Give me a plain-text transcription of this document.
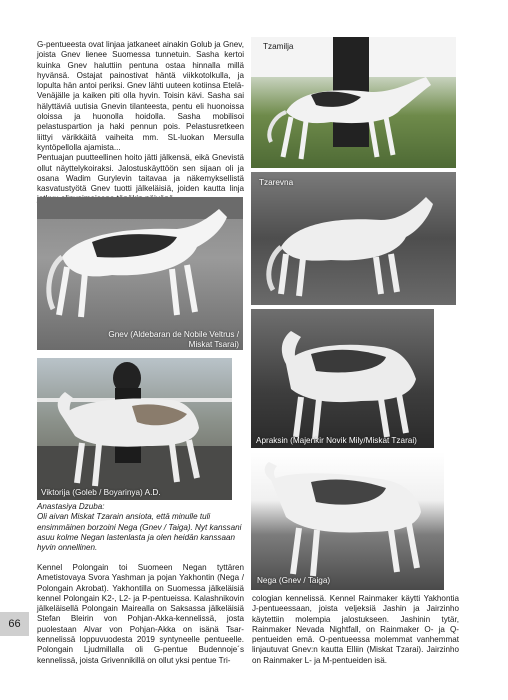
G-pentueesta ovat linjaa jatkaneet ainakin Golub ja Gnev, joista Gnev lienee Suomessa tunnetuin. Sasha kertoi kuinka Gnev haluttiin pentuna ostaa hinnalla millä hyvänsä. Ostajat painostivat häntä viikkotolkulla, ja lopulta hän antoi periksi. Gnev lähti uuteen kotiinsa Etelä-Venäjälle ja kaiken piti olla hyvin. Toisin kävi. Sasha sai hälyttäviä uutisia Gnevin tilanteesta, pentu eli huonoissa oloissa ja huonolla hoidolla. Sasha mobilisoi pelastuspartion ja haki pennun pois. Pelastusretkeen liittyi värikkäitä vaiheita mm. SL-luokan Mersulla kyntöpellolla ajamista...

Pentuajan puutteellinen hoito jätti jälkensä, eikä Gnevistä ollut näyttelykoiraksi. Jalostuskäyttöön sen sijaan oli ja osana Wadim Gurylevin taitavaa ja näkemyksellistä kasvatustyötä Gnev tuotti jälkeläisiä, joiden kautta linja

Tzamilja
Tzarevna
Gnev (Aldebaran de Nobile Veltrus / Miskat Tsarai)
Apraksin (Majenkir Novik Mily/Miskat Tzarai)
Viktorija (Goleb / Boyarinya) A.D.
Nega (Gnev / Taiga)

Anastasiya Dzuba:

Oli aivan Miskat Tzarain ansiota, että minulle tuli ensimmäinen borzoini Nega (Gnev / Taiga). Nyt kanssani asuu kolme Negan lastenlasta ja olen heidän kanssaan hyvin onnellinen.

Kennel Polongain toi Suomeen Negan tyttären Ametistovaya Svora Yashman ja pojan Yakhontin (Nega / Polongain Akrobat). Yakhontilla on Suomessa jälkeläisiä kennel Polongain K2-, L2- ja P-pentueissa. Kalashnikovin jälkeläisellä Polongain Mairealla on Saksassa jälkeläisiä Stefan Bleirin von Pohjan-Akka-kennelissä, josta puolestaan Alvar von Pohjan-Akka on isänä Tsar-kennelissä loppuvuodesta 2019 syntyneelle pentueelle. Polongain Ljudmillalla oli G-pentue Budennoje´s kennelissä, joista Grivennikillä on ollut yksi pentue Tri-

cologian kennelissä. Kennel Rainmaker käytti Yakhontia J-pentueessaan, joista veljeksiä Jashin ja Jairzinho käytettiin molempia jalostukseen. Jashinin tytär, Rainmaker Nevada Nightfall, on Rainmaker O- ja Q-pentueiden emä. O-pentueessa molemmat vanhemmat linjautuvat Gnev:n kautta Elliin (Miskat Tzarai). Jairzinho on Rainmaker L- ja M-pentueiden isä.

66
